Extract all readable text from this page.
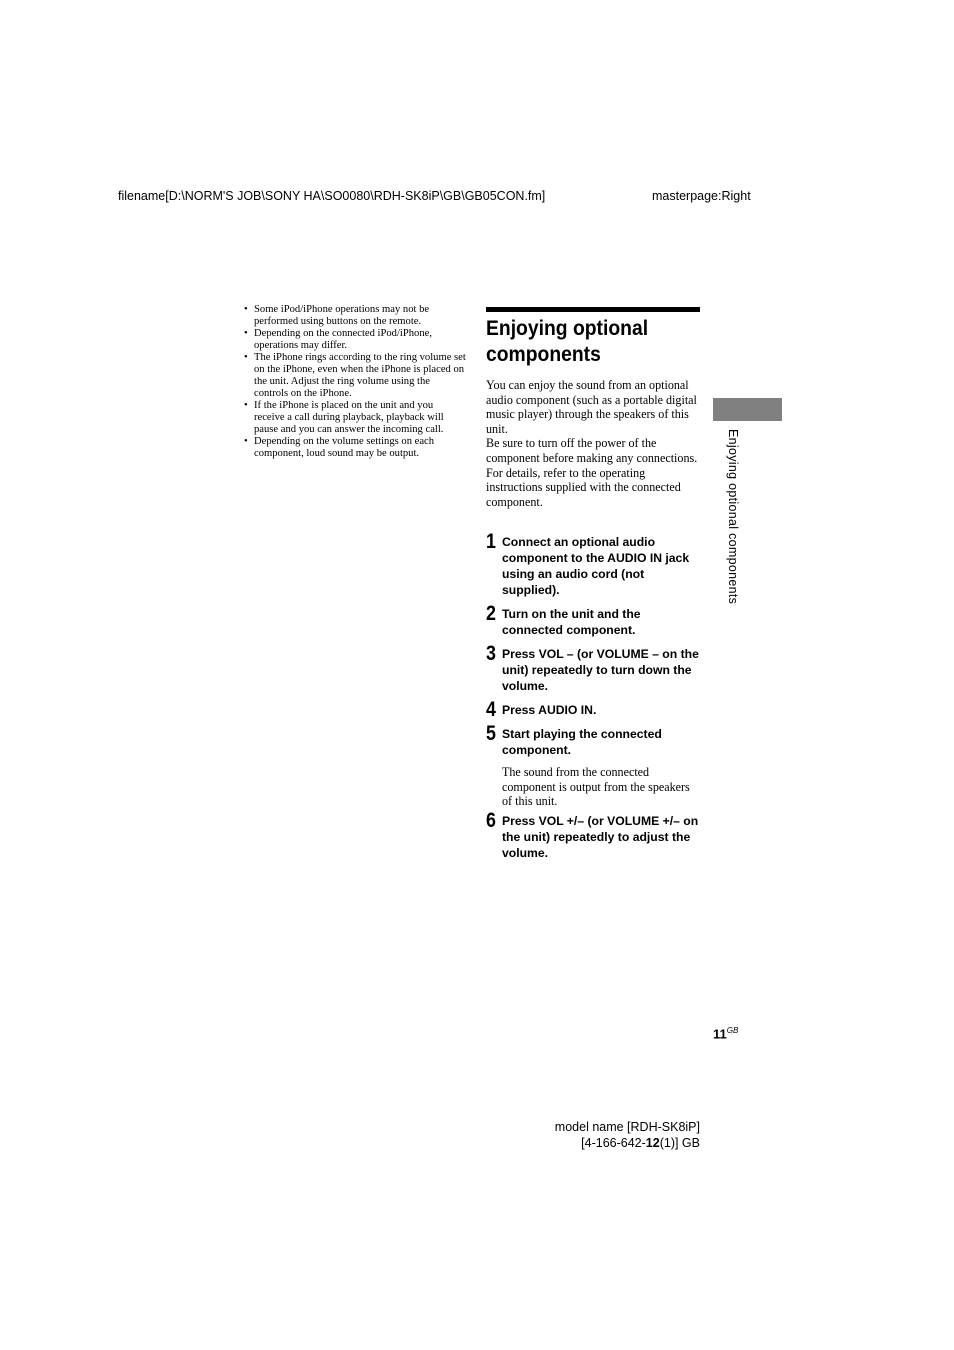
filename[D:\NORM'S JOB\SONY HA\SO0080\RDH-SK8iP\GB\GB05CON.fm]	masterpage:Right
• Some iPod/iPhone operations may not be performed using buttons on the remote.
• Depending on the connected iPod/iPhone, operations may differ.
• The iPhone rings according to the ring volume set on the iPhone, even when the iPhone is placed on the unit. Adjust the ring volume using the controls on the iPhone.
• If the iPhone is placed on the unit and you receive a call during playback, playback will pause and you can answer the incoming call.
• Depending on the volume settings on each component, loud sound may be output.
Enjoying optional components

You can enjoy the sound from an optional audio component (such as a portable digital music player) through the speakers of this unit.

Be sure to turn off the power of the component before making any connections.

For details, refer to the operating instructions supplied with the connected component.

1 Connect an optional audio component to the AUDIO IN jack using an audio cord (not supplied).
2 Turn on the unit and the connected component.
3 Press VOL – (or VOLUME – on the unit) repeatedly to turn down the volume.
4 Press AUDIO IN.
5 Start playing the connected component.

The sound from the connected component is output from the speakers of this unit.

6 Press VOL +/– (or VOLUME +/– on the unit) repeatedly to adjust the volume.
Enjoying optional components
$11^{GB}$
model name [RDH-SK8iP]
[4-166-642-12(1)] GB
